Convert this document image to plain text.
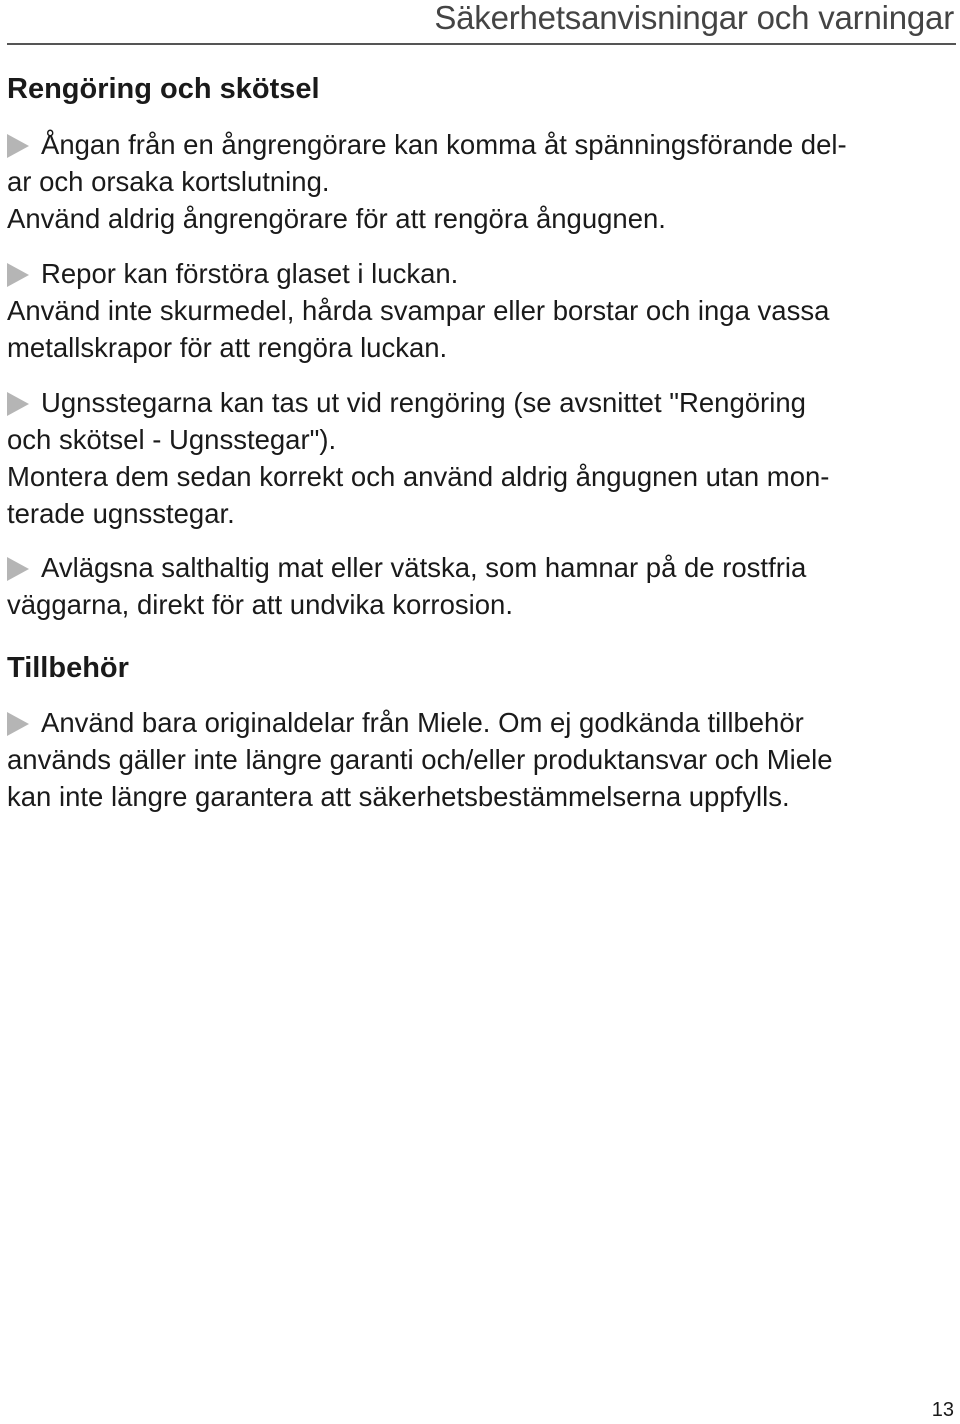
Säkerhetsanvisningar och varningar
Rengöring och skötsel
Ångan från en ångrengörare kan komma åt spänningsförande del-
ar och orsaka kortslutning.
Använd aldrig ångrengörare för att rengöra ångugnen.
Repor kan förstöra glaset i luckan.
Använd inte skurmedel, hårda svampar eller borstar och inga vassa
metallskrapor för att rengöra luckan.
Ugnsstegarna kan tas ut vid rengöring (se avsnittet "Rengöring
och skötsel - Ugnsstegar").
Montera dem sedan korrekt och använd aldrig ångugnen utan mon-
terade ugnsstegar.
Avlägsna salthaltig mat eller vätska, som hamnar på de rostfria
väggarna, direkt för att undvika korrosion.
Tillbehör
Använd bara originaldelar från Miele. Om ej godkända tillbehör
används gäller inte längre garanti och/eller produktansvar och Miele
kan inte längre garantera att säkerhetsbestämmelserna uppfylls.
13
